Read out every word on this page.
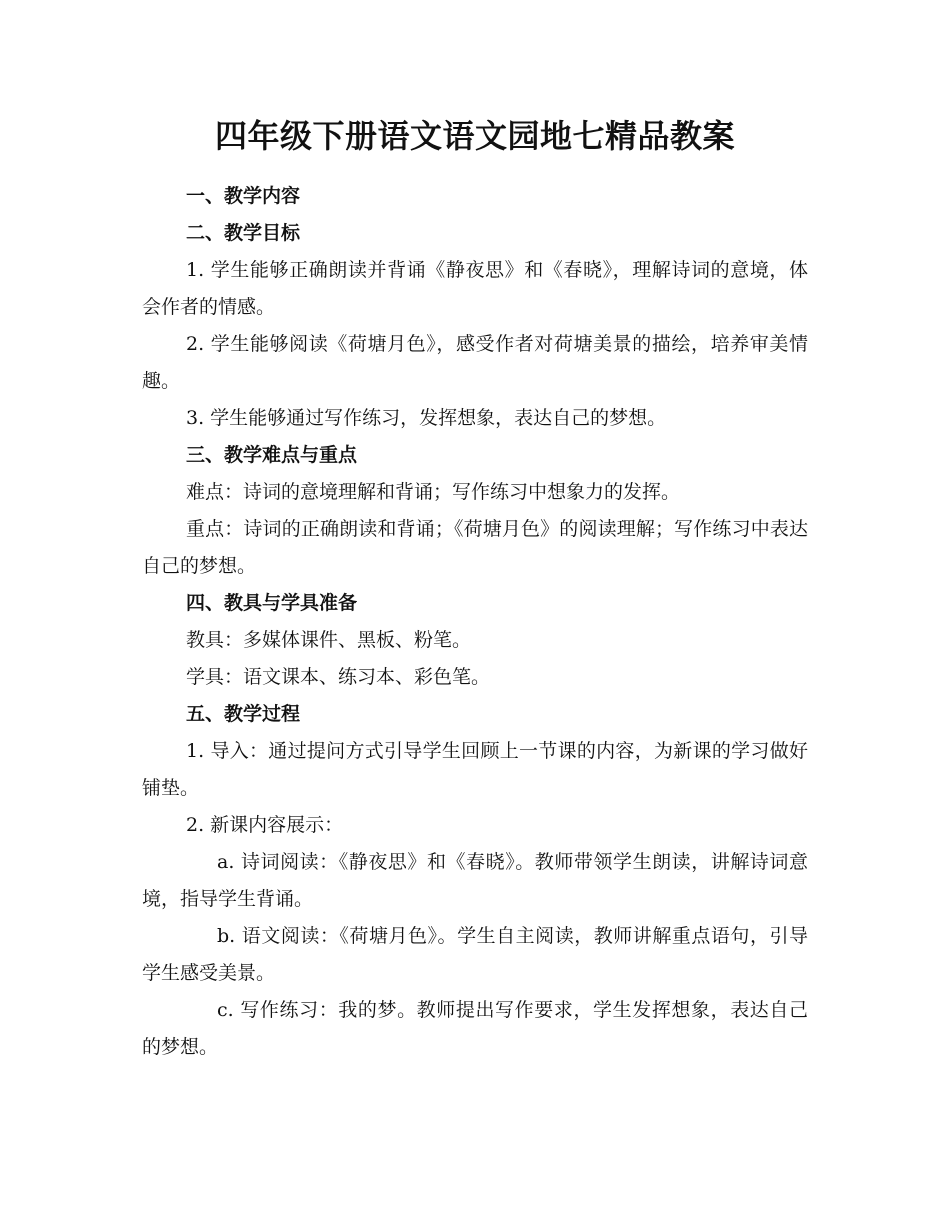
四年级下册语文语文园地七精品教案
一、教学内容
二、教学目标

1. 学生能够正确朗读并背诵《静夜思》和《春晓》，理解诗词的意境，体会作者的情感。

2. 学生能够阅读《荷塘月色》，感受作者对荷塘美景的描绘，培养审美情趣。

3. 学生能够通过写作练习，发挥想象，表达自己的梦想。

三、教学难点与重点

难点：诗词的意境理解和背诵；写作练习中想象力的发挥。

重点：诗词的正确朗读和背诵；《荷塘月色》的阅读理解；写作练习中表达自己的梦想。

四、教具与学具准备

教具：多媒体课件、黑板、粉笔。

学具：语文课本、练习本、彩色笔。

五、教学过程

1. 导入：通过提问方式引导学生回顾上一节课的内容，为新课的学习做好铺垫。

2. 新课内容展示：

a. 诗词阅读：《静夜思》和《春晓》。教师带领学生朗读，讲解诗词意境，指导学生背诵。

b. 语文阅读：《荷塘月色》。学生自主阅读，教师讲解重点语句，引导学生感受美景。

c. 写作练习：我的梦。教师提出写作要求，学生发挥想象，表达自己的梦想。
